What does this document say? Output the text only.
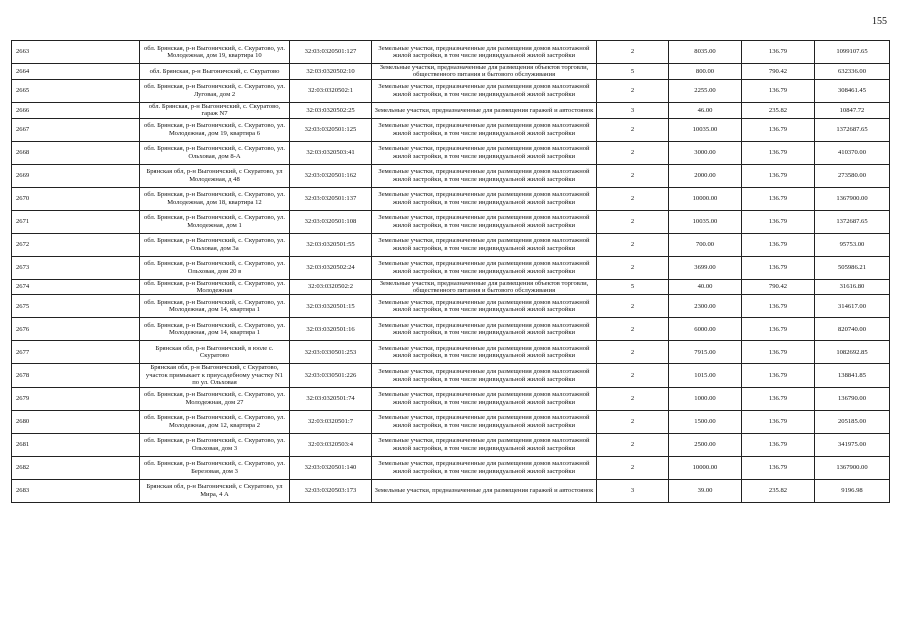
155
2663	обл. Брянская, р-н Выгоничский, с. Скуратово, ул. Молодежная, дом 19, квартира 10	32:03:0320501:127	Земельные участки, предназначенные для размещения домов малоэтажной жилой застройки, в том числе индивидуальной жилой застройки	2	8035.00	136.79	1099107.65
2664	обл. Брянская, р-н Выгоничский, с. Скуратово	32:03:0320502:10	Земельные участки, предназначенные для размещения объектов торговли, общественного питания и бытового обслуживания	5	800.00	790.42	632336.00
2665	обл. Брянская, р-н Выгоничский, с. Скуратово, ул. Луговая, дом 2	32:03:0320502:1	Земельные участки, предназначенные для размещения домов малоэтажной жилой застройки, в том числе индивидуальной жилой застройки	2	2255.00	136.79	308461.45
2666	обл. Брянская, р-н Выгоничский, с. Скуратово, гараж N7	32:03:0320502:25	Земельные участки, предназначенные для размещения гаражей и автостоянок	3	46.00	235.82	10847.72
2667	обл. Брянская, р-н Выгоничский, с. Скуратово, ул. Молодежная, дом 19, квартира 6	32:03:0320501:125	Земельные участки, предназначенные для размещения домов малоэтажной жилой застройки, в том числе индивидуальной жилой застройки	2	10035.00	136.79	1372687.65
2668	обл. Брянская, р-н Выгоничский, с. Скуратово, ул. Ольховая, дом 8-А	32:03:0320503:41	Земельные участки, предназначенные для размещения домов малоэтажной жилой застройки, в том числе индивидуальной жилой застройки	2	3000.00	136.79	410370.00
2669	Брянская обл, р-н Выгоничский, с Скуратово, ул Молодежная, д 48	32:03:0320501:162	Земельные участки, предназначенные для размещения домов малоэтажной жилой застройки, в том числе индивидуальной жилой застройки	2	2000.00	136.79	273580.00
2670	обл. Брянская, р-н Выгоничский, с. Скуратово, ул. Молодежная, дом 18, квартира 12	32:03:0320501:137	Земельные участки, предназначенные для размещения домов малоэтажной жилой застройки, в том числе индивидуальной жилой застройки	2	10000.00	136.79	1367900.00
2671	обл. Брянская, р-н Выгоничский, с. Скуратово, ул. Молодежная, дом 1	32:03:0320501:108	Земельные участки, предназначенные для размещения домов малоэтажной жилой застройки, в том числе индивидуальной жилой застройки	2	10035.00	136.79	1372687.65
2672	обл. Брянская, р-н Выгоничский, с. Скуратово, ул. Ольховая, дом 3а	32:03:0320501:55	Земельные участки, предназначенные для размещения домов малоэтажной жилой застройки, в том числе индивидуальной жилой застройки	2	700.00	136.79	95753.00
2673	обл. Брянская, р-н Выгоничский, с. Скуратово, ул. Ольховая, дом 20 в	32:03:0320502:24	Земельные участки, предназначенные для размещения домов малоэтажной жилой застройки, в том числе индивидуальной жилой застройки	2	3699.00	136.79	505986.21
2674	обл. Брянская, р-н Выгоничский, с. Скуратово, ул. Молодежная	32:03:0320502:2	Земельные участки, предназначенные для размещения объектов торговли, общественного питания и бытового обслуживания	5	40.00	790.42	31616.80
2675	обл. Брянская, р-н Выгоничский, с. Скуратово, ул. Молодежная, дом 14, квартира 1	32:03:0320501:15	Земельные участки, предназначенные для размещения домов малоэтажной жилой застройки, в том числе индивидуальной жилой застройки	2	2300.00	136.79	314617.00
2676	обл. Брянская, р-н Выгоничский, с. Скуратово, ул. Молодежная, дом 14, квартира 1	32:03:0320501:16	Земельные участки, предназначенные для размещения домов малоэтажной жилой застройки, в том числе индивидуальной жилой застройки	2	6000.00	136.79	820740.00
2677	Брянская обл, р-н Выгоничский, в юоле с. Скуратово	32:03:0330501:253	Земельные участки, предназначенные для размещения домов малоэтажной жилой застройки, в том числе индивидуальной жилой застройки	2	7915.00	136.79	1082692.85
2678	Брянская обл, р-н Выгоничский, с Скуратово, участок примыкает к приусадебному участку N1 по ул. Ольховая	32:03:0330501:226	Земельные участки, предназначенные для размещения домов малоэтажной жилой застройки, в том числе индивидуальной жилой застройки	2	1015.00	136.79	138841.85
2679	обл. Брянская, р-н Выгоничский, с. Скуратово, ул. Молодежная, дом 27	32:03:0320501:74	Земельные участки, предназначенные для размещения домов малоэтажной жилой застройки, в том числе индивидуальной жилой застройки	2	1000.00	136.79	136790.00
2680	обл. Брянская, р-н Выгоничский, с. Скуратово, ул. Молодежная, дом 12, квартира 2	32:03:0320501:7	Земельные участки, предназначенные для размещения домов малоэтажной жилой застройки, в том числе индивидуальной жилой застройки	2	1500.00	136.79	205185.00
2681	обл. Брянская, р-н Выгоничский, с. Скуратово, ул. Ольховая, дом 3	32:03:0320503:4	Земельные участки, предназначенные для размещения домов малоэтажной жилой застройки, в том числе индивидуальной жилой застройки	2	2500.00	136.79	341975.00
2682	обл. Брянская, р-н Выгоничский, с. Скуратово, ул. Березовая, дом 3	32:03:0320501:140	Земельные участки, предназначенные для размещения домов малоэтажной жилой застройки, в том числе индивидуальной жилой застройки	2	10000.00	136.79	1367900.00
2683	Брянская обл, р-н Выгоничский, с Скуратово, ул Мира, 4 А	32:03:0320503:173	Земельные участки, предназначенные для размещения гаражей и автостоянок	3	39.00	235.82	9196.98
